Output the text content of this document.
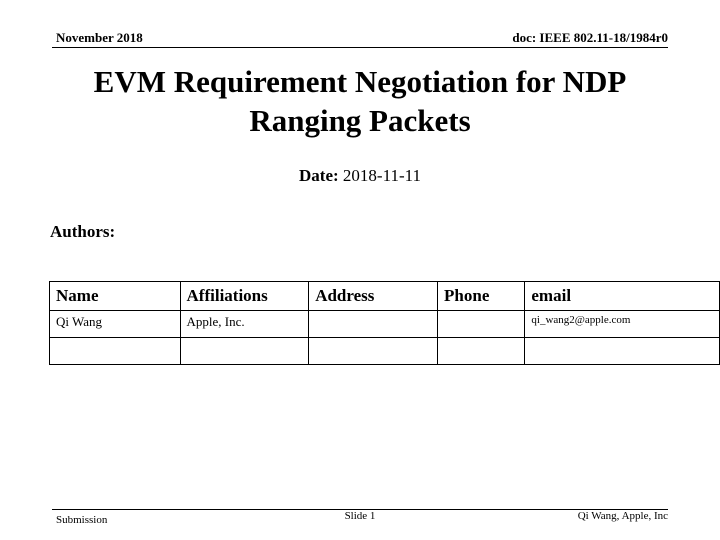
November 2018	doc: IEEE 802.11-18/1984r0
EVM Requirement Negotiation for NDP Ranging Packets
Date: 2018-11-11
Authors:
Name	Affiliations	Address	Phone	email
Qi Wang	Apple, Inc.			qi_wang2@apple.com

Submission	Slide 1	Qi Wang, Apple, Inc
